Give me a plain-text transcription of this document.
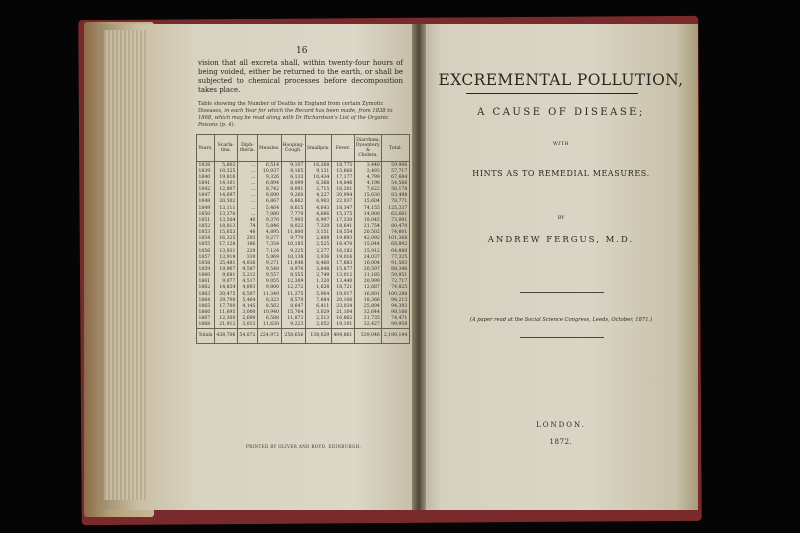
16
vision that all excreta shall, within twenty-four hours of being voided, either be returned to the earth, or shall be subjected to chemical processes before decomposition takes place.
Table showing the Number of Deaths in England from certain Zymotic Diseases, in each Year for which the Record has been made, from 1838 to 1868, which may be read along with Dr Richardson's List of the Organic Poisons (p. 4).
Years.	Scarla-tina.	Diph-theria.	Measles.	Hooping-Cough.	Smallpox.	Fever.	Diarrhœa, Dysentery, & Cholera.	Total.
1838	5,802	...	6,514	9,107	16,268	18,775	3,440	59,906
1839	10,325	...	10,937	8,165	9,131	15,666	3,493	57,717
1840	19,816	...	9,326	6,132	10,434	17,177	4,799	67,684
1841	14,161	...	6,894	8,099	6,368	14,846	4,198	54,566
1842	12,807	...	8,742	8,091	2,715	16,201	7,622	56,178
1847	14,697	...	8,690	9,260	4,227	30,994	15,630	83,498
1848	20,502	...	6,867	6,862	6,903	22,037	15,604	78,771
1849	13,111	...	5,464	8,615	4,643	18,347	74,155	125,337
1850	13,370	...	7,080	7,770	4,666	15,375	14,800	62,661
1851	13,504	40	9,370	7,905	6,997	17,330	18,045	73,091
1852	18,813	74	5,846	8,022	7,320	18,641	21,754	80,470
1853	15,653	46	4,895	11,800	3,151	18,554	20,502	74,601
1854	16,325	203	9,277	9,770	2,808	19,893	42,092	101,368
1855	17,128	186	7,354	10,185	2,525	16,470	15,044	68,892
1856	13,931	229	7,124	9,225	2,277	16,182	15,912	64,880
1857	13,919	310	5,969	10,138	3,936	19,016	24,037	77,325
1858	25,481	4,836	9,271	11,648	6,460	17,883	16,004	91,583
1859	19,907	9,587	9,548	8,976	3,848	15,877	20,597	88,340
1860	9,681	5,212	9,557	8,555	2,749	13,012	11,185	59,951
1861	9,077	4,517	9,055	12,309	1,320	13,440	20,999	72,717
1862	14,834	4,893	9,800	12,272	1,628	18,721	12,687	74,825
1863	30,475	6,507	11,349	11,275	5,964	19,017	16,801	100,288
1864	29,700	5,464	8,323	8,570	7,684	20,106	18,366	98,213
1865	17,700	4,145	8,562	8,647	6,411	23,034	25,894	94,393
1866	11,695	3,000	10,940	15,764	3,029	21,104	32,644	98,166
1867	12,300	2,600	6,588	11,873	2,513	16,862	21,735	74,471
1868	21,912	3,013	11,630	9,223	2,052	19,101	32,427	99,958
Totals	438,706	54,872	224,972	258,656	138,029	404,861	539,046	2,190,144
PRINTED BY OLIVER AND BOYD, EDINBURGH.
EXCREMENTAL POLLUTION,
A CAUSE OF DISEASE;
WITH
HINTS AS TO REMEDIAL MEASURES.
BY
ANDREW FERGUS, M.D.
(A paper read at the Social Science Congress, Leeds, October, 1871.)
LONDON.
1872.
